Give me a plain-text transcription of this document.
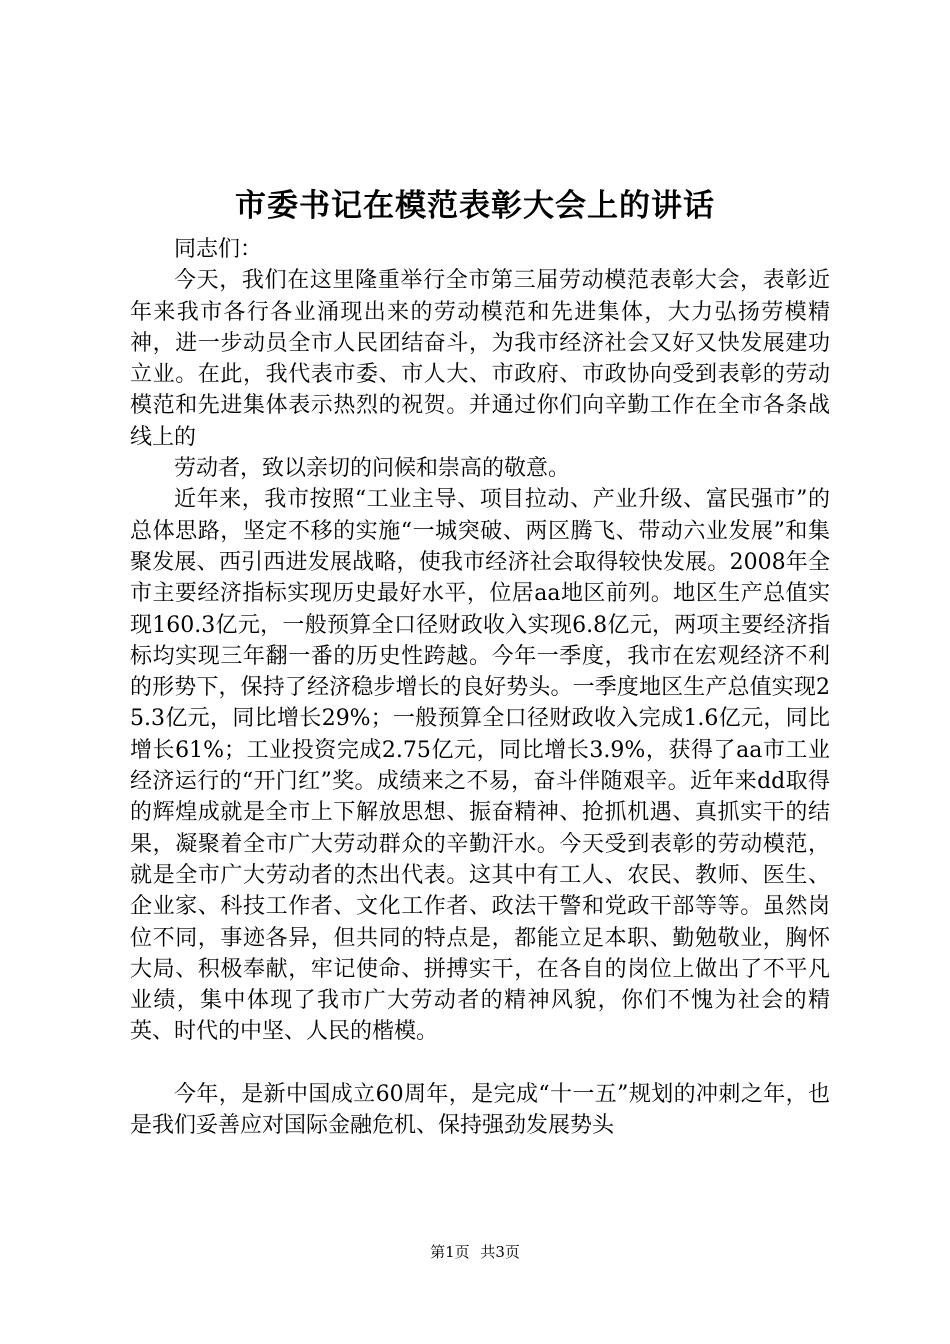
市委书记在模范表彰大会上的讲话

同志们：

今天，我们在这里隆重举行全市第三届劳动模范表彰大会，表彰近年来我市各行各业涌现出来的劳动模范和先进集体，大力弘扬劳模精神，进一步动员全市人民团结奋斗，为我市经济社会又好又快发展建功立业。在此，我代表市委、市人大、市政府、市政协向受到表彰的劳动模范和先进集体表示热烈的祝贺。并通过你们向辛勤工作在全市各条战线上的

劳动者，致以亲切的问候和崇高的敬意。

近年来，我市按照“工业主导、项目拉动、产业升级、富民强市”的总体思路，坚定不移的实施“一城突破、两区腾飞、带动六业发展”和集聚发展、西引西进发展战略，使我市经济社会取得较快发展。2008年全市主要经济指标实现历史最好水平，位居aa地区前列。地区生产总值实现160.3亿元，一般预算全口径财政收入实现6.8亿元，两项主要经济指标均实现三年翻一番的历史性跨越。今年一季度，我市在宏观经济不利的形势下，保持了经济稳步增长的良好势头。一季度地区生产总值实现25.3亿元，同比增长29%；一般预算全口径财政收入完成1.6亿元，同比增长61%；工业投资完成2.75亿元，同比增长3.9%，获得了aa市工业经济运行的“开门红”奖。成绩来之不易，奋斗伴随艰辛。近年来dd取得的辉煌成就是全市上下解放思想、振奋精神、抢抓机遇、真抓实干的结果，凝聚着全市广大劳动群众的辛勤汗水。今天受到表彰的劳动模范，就是全市广大劳动者的杰出代表。这其中有工人、农民、教师、医生、企业家、科技工作者、文化工作者、政法干警和党政干部等等。虽然岗位不同，事迹各异，但共同的特点是，都能立足本职、勤勉敬业，胸怀大局、积极奉献，牢记使命、拼搏实干，在各自的岗位上做出了不平凡业绩，集中体现了我市广大劳动者的精神风貌，你们不愧为社会的精英、时代的中坚、人民的楷模。

今年，是新中国成立60周年，是完成“十一五”规划的冲刺之年，也是我们妥善应对国际金融危机、保持强劲发展势头

第1页 共3页
